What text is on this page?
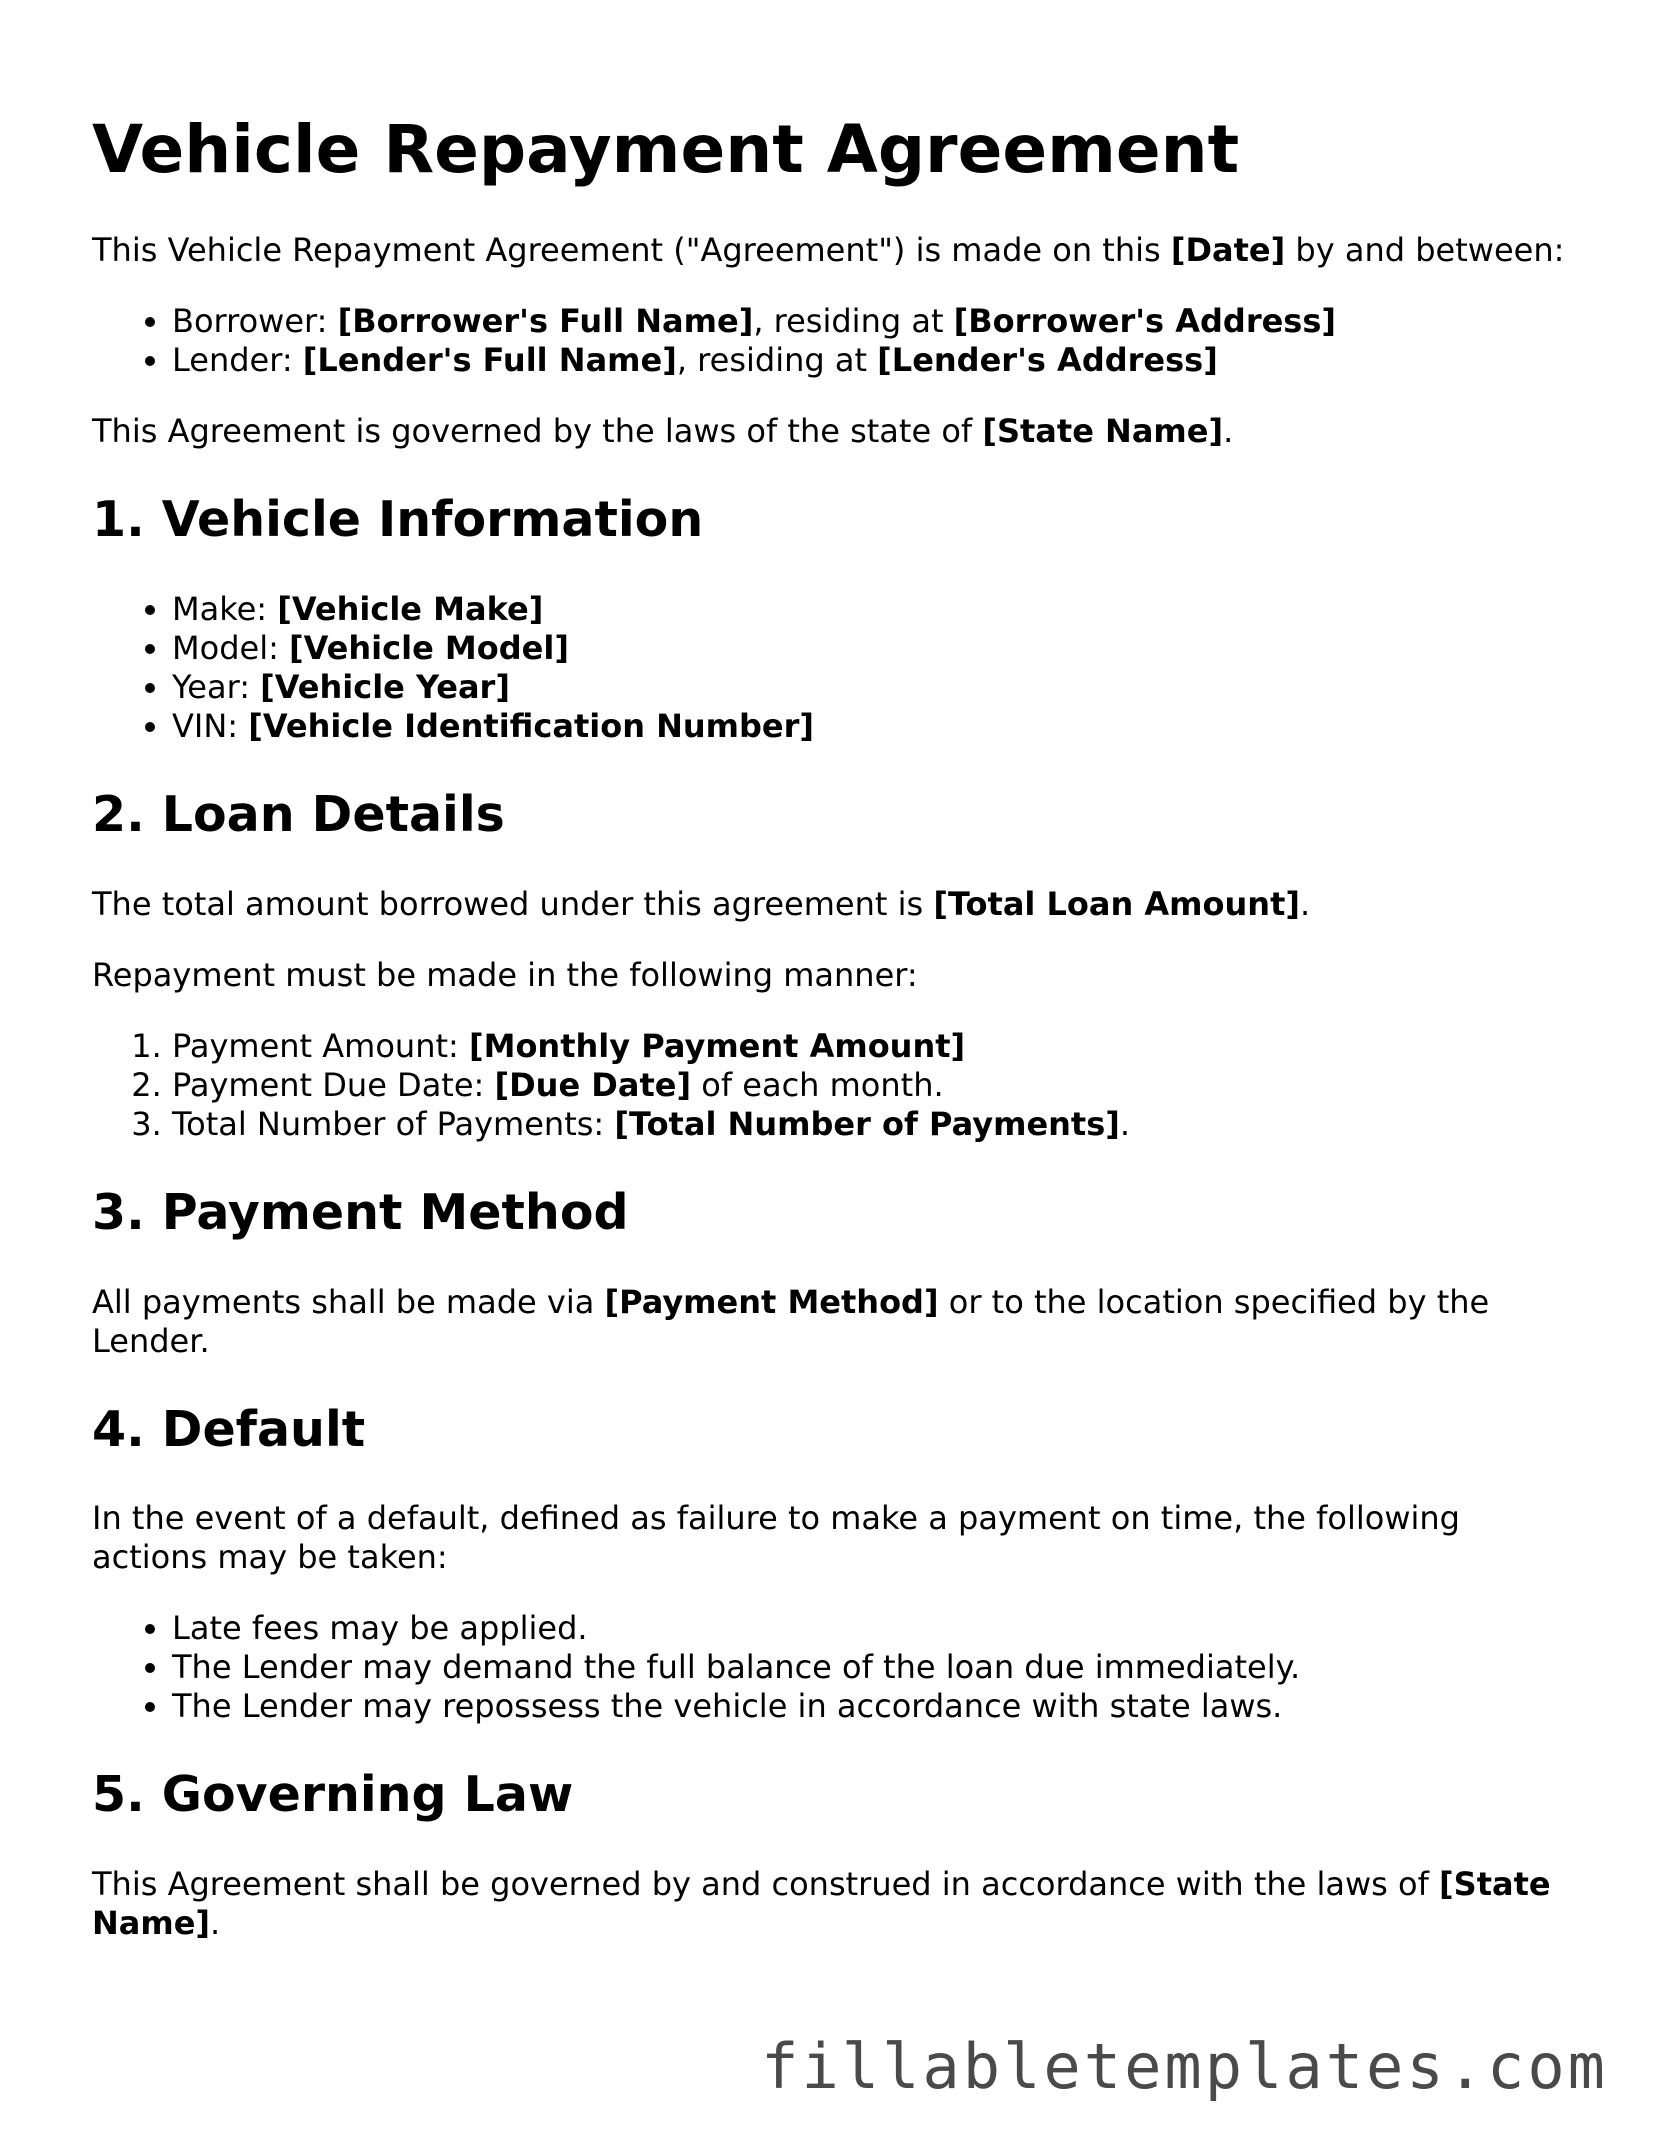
Vehicle Repayment Agreement

This Vehicle Repayment Agreement ("Agreement") is made on this [Date] by and between:

• Borrower: [Borrower's Full Name], residing at [Borrower's Address]
• Lender: [Lender's Full Name], residing at [Lender's Address]

This Agreement is governed by the laws of the state of [State Name].

1. Vehicle Information
• Make: [Vehicle Make]
• Model: [Vehicle Model]
• Year: [Vehicle Year]
• VIN: [Vehicle Identification Number]
2. Loan Details

The total amount borrowed under this agreement is [Total Loan Amount].

Repayment must be made in the following manner:

1. Payment Amount: [Monthly Payment Amount]
2. Payment Due Date: [Due Date] of each month.
3. Total Number of Payments: [Total Number of Payments].
3. Payment Method

All payments shall be made via [Payment Method] or to the location specified by the Lender.

4. Default

In the event of a default, defined as failure to make a payment on time, the following actions may be taken:

• Late fees may be applied.
• The Lender may demand the full balance of the loan due immediately.
• The Lender may repossess the vehicle in accordance with state laws.
5. Governing Law

This Agreement shall be governed by and construed in accordance with the laws of [State Name].

fillabletemplates.com
